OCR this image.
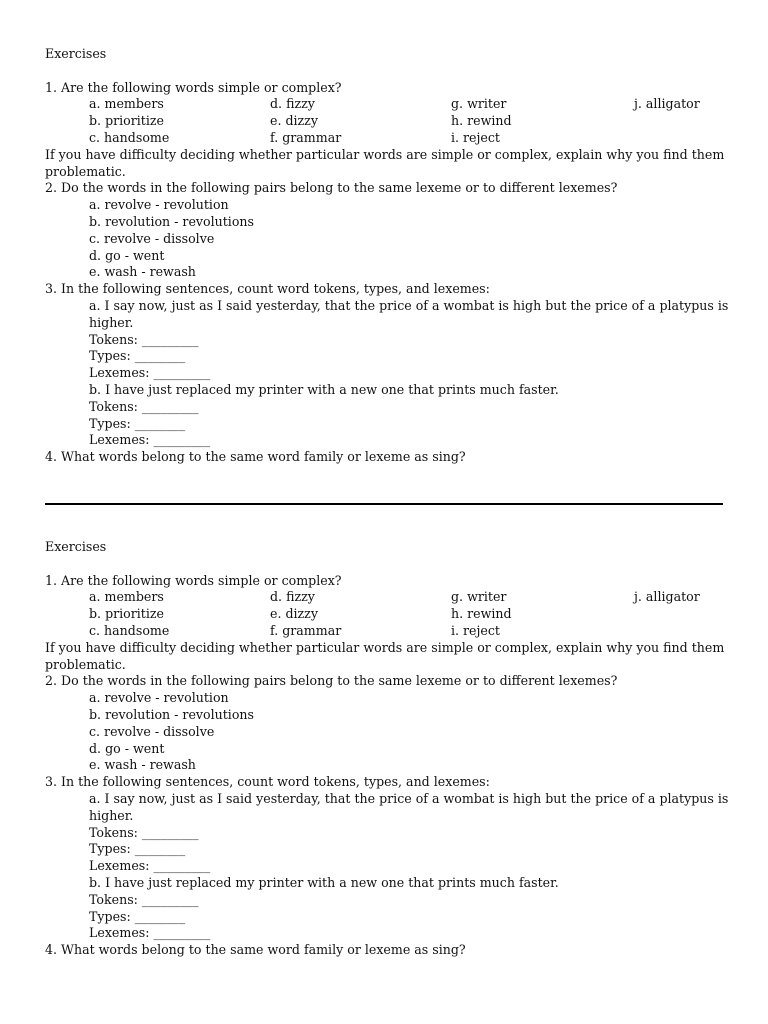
Exercises
1. Are the following words simple or complex?
a. members	d. fizzy	g. writer	j. alligator
b. prioritize	e. dizzy	h. rewind
c. handsome	f. grammar	i. reject
If you have difficulty deciding whether particular words are simple or complex, explain why you find them
problematic.
2. Do the words in the following pairs belong to the same lexeme or to different lexemes?
a. revolve - revolution
b. revolution - revolutions
c. revolve - dissolve
d. go - went
e. wash - rewash
3. In the following sentences, count word tokens, types, and lexemes:
a. I say now, just as I said yesterday, that the price of a wombat is high but the price of a platypus is
higher.
Tokens: _________
Types: ________
Lexemes: _________
b. I have just replaced my printer with a new one that prints much faster.
Tokens: _________
Types: ________
Lexemes: _________
4. What words belong to the same word family or lexeme as sing?
Exercises
1. Are the following words simple or complex?
a. members	d. fizzy	g. writer	j. alligator
b. prioritize	e. dizzy	h. rewind
c. handsome	f. grammar	i. reject
If you have difficulty deciding whether particular words are simple or complex, explain why you find them
problematic.
2. Do the words in the following pairs belong to the same lexeme or to different lexemes?
a. revolve - revolution
b. revolution - revolutions
c. revolve - dissolve
d. go - went
e. wash - rewash
3. In the following sentences, count word tokens, types, and lexemes:
a. I say now, just as I said yesterday, that the price of a wombat is high but the price of a platypus is
higher.
Tokens: _________
Types: ________
Lexemes: _________
b. I have just replaced my printer with a new one that prints much faster.
Tokens: _________
Types: ________
Lexemes: _________
4. What words belong to the same word family or lexeme as sing?
